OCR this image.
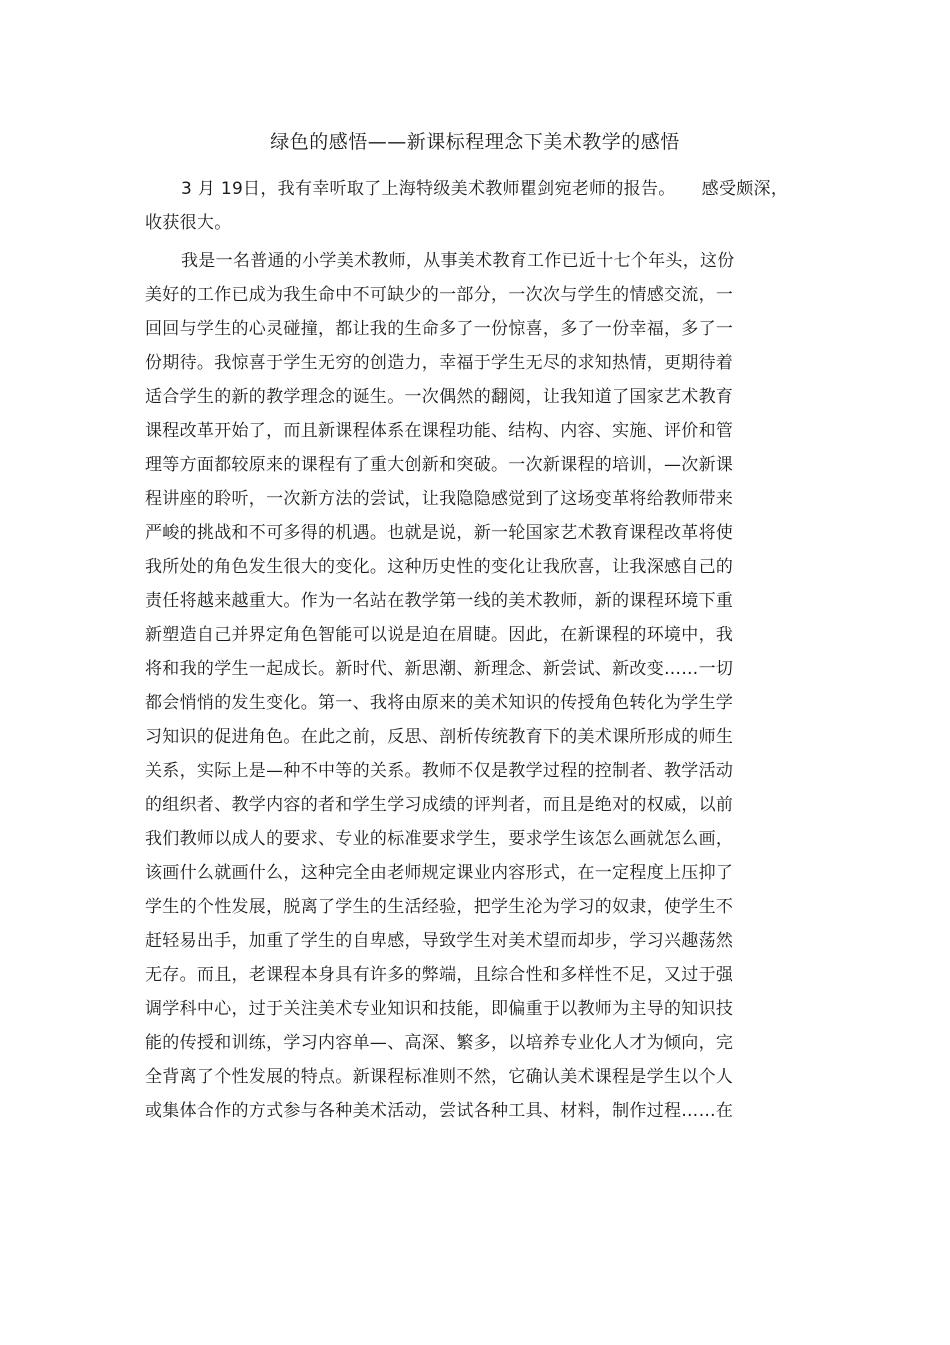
绿色的感悟——新课标程理念下美术教学的感悟
3 月 19日，我有幸听取了上海特级美术教师瞿剑宛老师的报告。　　感受颇深，
收获很大。
我是一名普通的小学美术教师，从事美术教育工作已近十七个年头，这份
美好的工作已成为我生命中不可缺少的一部分，一次次与学生的情感交流，一
回回与学生的心灵碰撞，都让我的生命多了一份惊喜，多了一份幸福，多了一
份期待。我惊喜于学生无穷的创造力，幸福于学生无尽的求知热情，更期待着
适合学生的新的教学理念的诞生。一次偶然的翻阅，让我知道了国家艺术教育
课程改革开始了，而且新课程体系在课程功能、结构、内容、实施、评价和管
理等方面都较原来的课程有了重大创新和突破。一次新课程的培训，—次新课
程讲座的聆听，一次新方法的尝试，让我隐隐感觉到了这场变革将给教师带来
严峻的挑战和不可多得的机遇。也就是说，新一轮国家艺术教育课程改革将使
我所处的角色发生很大的变化。这种历史性的变化让我欣喜，让我深感自己的
责任将越来越重大。作为一名站在教学第一线的美术教师，新的课程环境下重
新塑造自己并界定角色智能可以说是迫在眉睫。因此，在新课程的环境中，我
将和我的学生一起成长。新时代、新思潮、新理念、新尝试、新改变……一切
都会悄悄的发生变化。第一、我将由原来的美术知识的传授角色转化为学生学
习知识的促进角色。在此之前，反思、剖析传统教育下的美术课所形成的师生
关系，实际上是—种不中等的关系。教师不仅是教学过程的控制者、教学活动
的组织者、教学内容的者和学生学习成绩的评判者，而且是绝对的权威，以前
我们教师以成人的要求、专业的标准要求学生，要求学生该怎么画就怎么画，
该画什么就画什么，这种完全由老师规定课业内容形式，在一定程度上压抑了
学生的个性发展，脱离了学生的生活经验，把学生沦为学习的奴隶，使学生不
赶轻易出手，加重了学生的自卑感，导致学生对美术望而却步，学习兴趣荡然
无存。而且，老课程本身具有许多的弊端，且综合性和多样性不足，又过于强
调学科中心，过于关注美术专业知识和技能，即偏重于以教师为主导的知识技
能的传授和训练，学习内容单—、高深、繁多，以培养专业化人才为倾向，完
全背离了个性发展的特点。新课程标准则不然，它确认美术课程是学生以个人
或集体合作的方式参与各种美术活动，尝试各种工具、材料，制作过程……在
